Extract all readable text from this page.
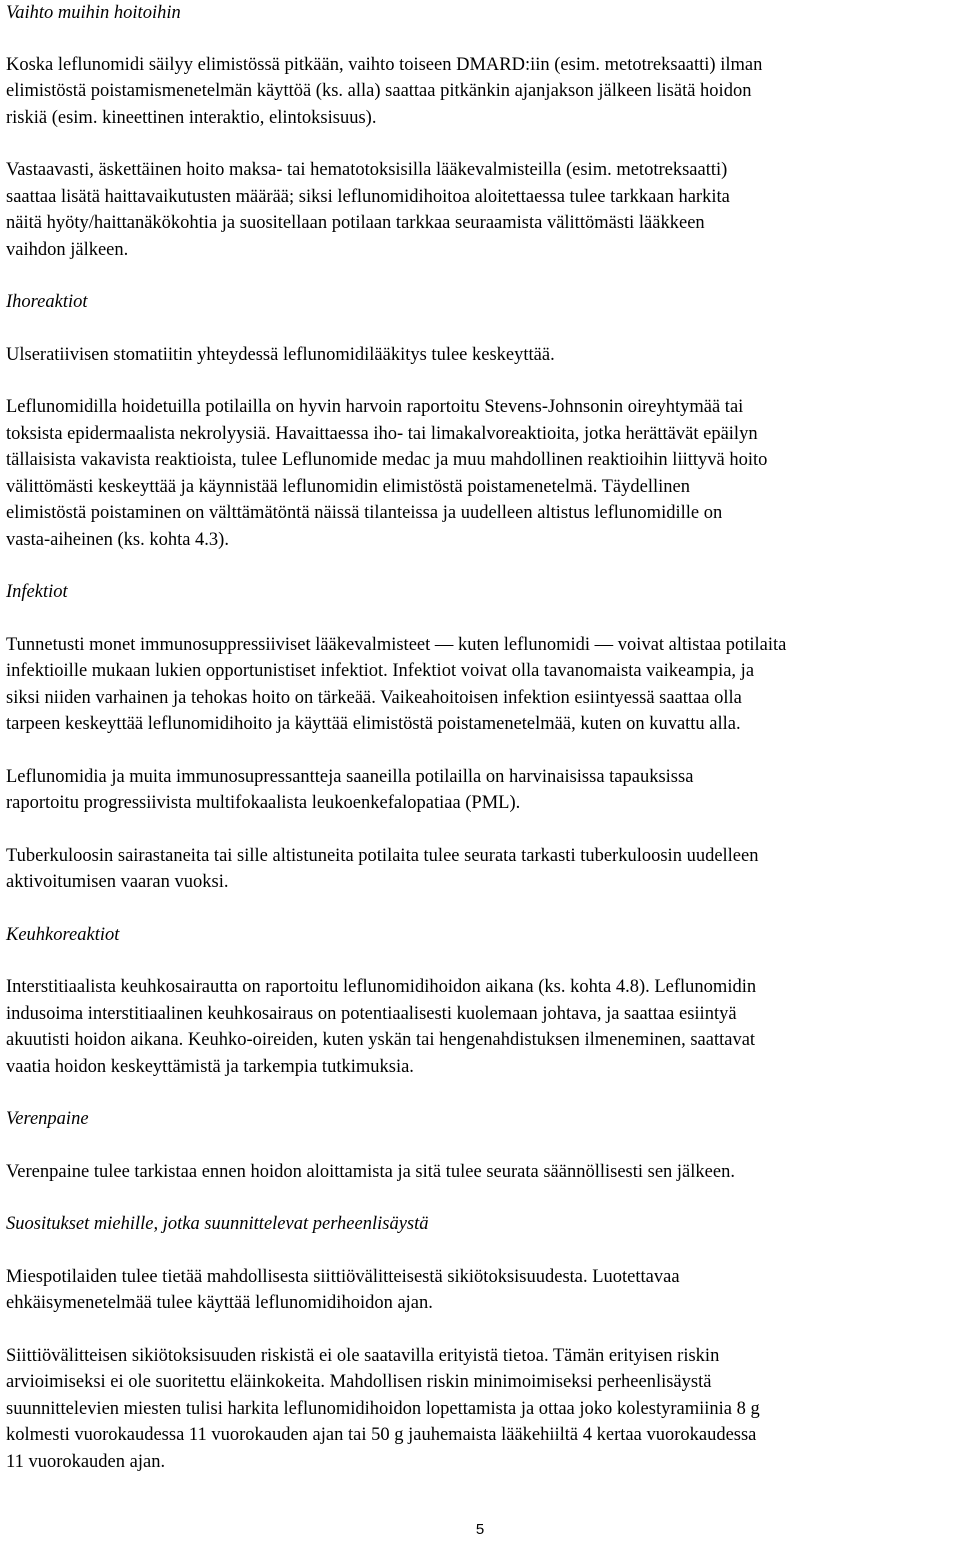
Vaihto muihin hoitoihin

Koska leflunomidi säilyy elimistössä pitkään, vaihto toiseen DMARD:iin (esim. metotreksaatti) ilman
elimistöstä poistamismenetelmän käyttöä (ks. alla) saattaa pitkänkin ajanjakson jälkeen lisätä hoidon
riskiä (esim. kineettinen interaktio, elintoksisuus).

Vastaavasti, äskettäinen hoito maksa- tai hematotoksisilla lääkevalmisteilla (esim. metotreksaatti)
saattaa lisätä haittavaikutusten määrää; siksi leflunomidihoitoa aloitettaessa tulee tarkkaan harkita
näitä hyöty/haittanäkökohtia ja suositellaan potilaan tarkkaa seuraamista välittömästi lääkkeen
vaihdon jälkeen.

Ihoreaktiot

Ulseratiivisen stomatiitin yhteydessä leflunomidilääkitys tulee keskeyttää.

Leflunomidilla hoidetuilla potilailla on hyvin harvoin raportoitu Stevens-Johnsonin oireyhtymää tai
toksista epidermaalista nekrolyysiä. Havaittaessa iho- tai limakalvoreaktioita, jotka herättävät epäilyn
tällaisista vakavista reaktioista, tulee Leflunomide medac ja muu mahdollinen reaktioihin liittyvä hoito
välittömästi keskeyttää ja käynnistää leflunomidin elimistöstä poistamenetelmä. Täydellinen
elimistöstä poistaminen on välttämätöntä näissä tilanteissa ja uudelleen altistus leflunomidille on
vasta-aiheinen (ks. kohta 4.3).

Infektiot

Tunnetusti monet immunosuppressiiviset lääkevalmisteet — kuten leflunomidi — voivat altistaa potilaita
infektioille mukaan lukien opportunistiset infektiot. Infektiot voivat olla tavanomaista vaikeampia, ja
siksi niiden varhainen ja tehokas hoito on tärkeää. Vaikeahoitoisen infektion esiintyessä saattaa olla
tarpeen keskeyttää leflunomidihoito ja käyttää elimistöstä poistamenetelmää, kuten on kuvattu alla.

Leflunomidia ja muita immunosupressantteja saaneilla potilailla on harvinaisissa tapauksissa
raportoitu progressiivista multifokaalista leukoenkefalopatiaa (PML).

Tuberkuloosin sairastaneita tai sille altistuneita potilaita tulee seurata tarkasti tuberkuloosin uudelleen
aktivoitumisen vaaran vuoksi.

Keuhkoreaktiot

Interstitiaalista keuhkosairautta on raportoitu leflunomidihoidon aikana (ks. kohta 4.8). Leflunomidin
indusoima interstitiaalinen keuhkosairaus on potentiaalisesti kuolemaan johtava, ja saattaa esiintyä
akuutisti hoidon aikana. Keuhko-oireiden, kuten yskän tai hengenahdistuksen ilmeneminen, saattavat
vaatia hoidon keskeyttämistä ja tarkempia tutkimuksia.

Verenpaine

Verenpaine tulee tarkistaa ennen hoidon aloittamista ja sitä tulee seurata säännöllisesti sen jälkeen.

Suositukset miehille, jotka suunnittelevat perheenlisäystä

Miespotilaiden tulee tietää mahdollisesta siittiövälitteisestä sikiötoksisuudesta. Luotettavaa
ehkäisymenetelmää tulee käyttää leflunomidihoidon ajan.

Siittiövälitteisen sikiötoksisuuden riskistä ei ole saatavilla erityistä tietoa. Tämän erityisen riskin
arvioimiseksi ei ole suoritettu eläinkokeita. Mahdollisen riskin minimoimiseksi perheenlisäystä
suunnittelevien miesten tulisi harkita leflunomidihoidon lopettamista ja ottaa joko kolestyramiinia 8 g
kolmesti vuorokaudessa 11 vuorokauden ajan tai 50 g jauhemaista lääkehiiltä 4 kertaa vuorokaudessa
11 vuorokauden ajan.

5
